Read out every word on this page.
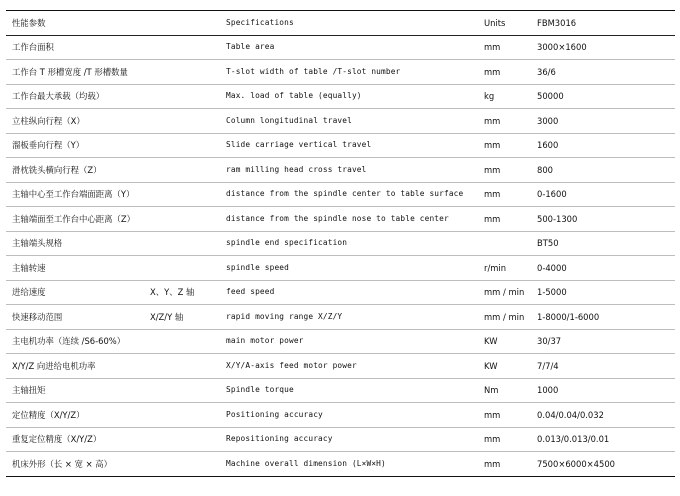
性能参数		Specifications	Units	FBM3016
工作台面积		Table area	mm	3000×1600
工作台 T 形槽宽度 /T 形槽数量		T-slot width of table /T-slot number	mm	36/6
工作台最大承载（均载）		Max. load of table (equally)	kg	50000
立柱纵向行程（X）		Column longitudinal travel	mm	3000
溜板垂向行程（Y）		Slide carriage vertical travel	mm	1600
滑枕铣头横向行程（Z）		ram milling head cross travel	mm	800
主轴中心至工作台端面距离（Y）		distance from the spindle center to table surface	mm	0-1600
主轴端面至工作台中心距离（Z）		distance from the spindle nose to table center	mm	500-1300
主轴端头规格		spindle end specification		BT50
主轴转速		spindle speed	r/min	0-4000
进给速度	X、Y、Z 轴	feed speed	mm / min	1-5000
快速移动范围	X/Z/Y 轴	rapid moving range X/Z/Y	mm / min	1-8000/1-6000
主电机功率（连续 /S6-60%）		main motor power	KW	30/37
X/Y/Z 向进给电机功率		X/Y/A-axis feed motor power	KW	7/7/4
主轴扭矩		Spindle torque	Nm	1000
定位精度（X/Y/Z）		Positioning accuracy	mm	0.04/0.04/0.032
重复定位精度（X/Y/Z）		Repositioning accuracy	mm	0.013/0.013/0.01
机床外形（长 × 宽 × 高）		Machine overall dimension (L×W×H)	mm	7500×6000×4500
